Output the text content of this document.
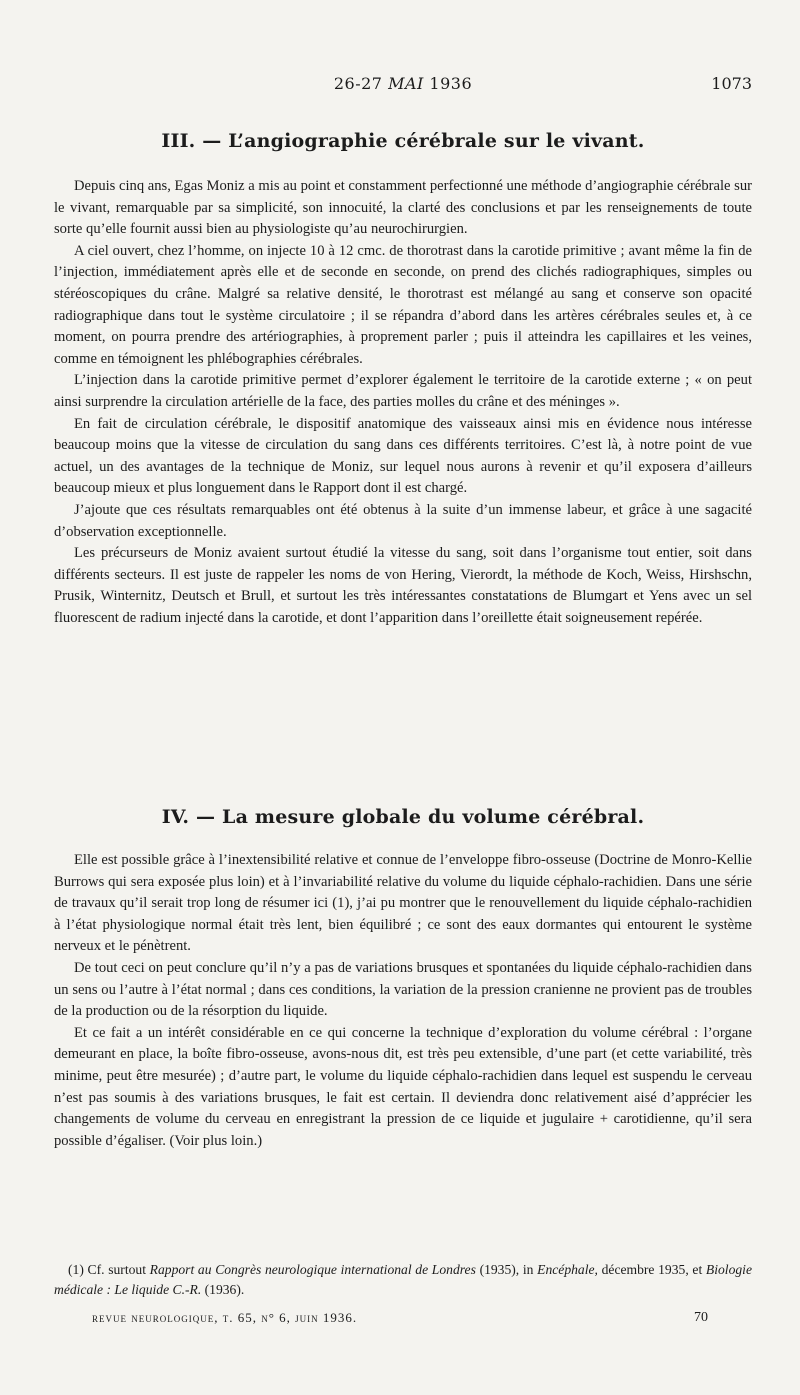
26-27 MAI 1936	1073
III. — L’angiographie cérébrale sur le vivant.

Depuis cinq ans, Egas Moniz a mis au point et constamment perfectionné une méthode d’angiographie cérébrale sur le vivant, remarquable par sa simplicité, son innocuité, la clarté des conclusions et par les renseignements de toute sorte qu’elle fournit aussi bien au physiologiste qu’au neurochirurgien.

A ciel ouvert, chez l’homme, on injecte 10 à 12 cmc. de thorotrast dans la carotide primitive ; avant même la fin de l’injection, immédiatement après elle et de seconde en seconde, on prend des clichés radiographiques, simples ou stéréoscopiques du crâne. Malgré sa relative densité, le thorotrast est mélangé au sang et conserve son opacité radiographique dans tout le système circulatoire ; il se répandra d’abord dans les artères cérébrales seules et, à ce moment, on pourra prendre des artériographies, à proprement parler ; puis il atteindra les capillaires et les veines, comme en témoignent les phlébographies cérébrales.

L’injection dans la carotide primitive permet d’explorer également le territoire de la carotide externe ; « on peut ainsi surprendre la circulation artérielle de la face, des parties molles du crâne et des méninges ».

En fait de circulation cérébrale, le dispositif anatomique des vaisseaux ainsi mis en évidence nous intéresse beaucoup moins que la vitesse de circulation du sang dans ces différents territoires. C’est là, à notre point de vue actuel, un des avantages de la technique de Moniz, sur lequel nous aurons à revenir et qu’il exposera d’ailleurs beaucoup mieux et plus longuement dans le Rapport dont il est chargé.

J’ajoute que ces résultats remarquables ont été obtenus à la suite d’un immense labeur, et grâce à une sagacité d’observation exceptionnelle.

Les précurseurs de Moniz avaient surtout étudié la vitesse du sang, soit dans l’organisme tout entier, soit dans différents secteurs. Il est juste de rappeler les noms de von Hering, Vierordt, la méthode de Koch, Weiss, Hirshschn, Prusik, Winternitz, Deutsch et Brull, et surtout les très intéressantes constatations de Blumgart et Yens avec un sel fluorescent de radium injecté dans la carotide, et dont l’apparition dans l’oreillette était soigneusement repérée.

IV. — La mesure globale du volume cérébral.

Elle est possible grâce à l’inextensibilité relative et connue de l’enveloppe fibro-osseuse (Doctrine de Monro-Kellie Burrows qui sera exposée plus loin) et à l’invariabilité relative du volume du liquide céphalo-rachidien. Dans une série de travaux qu’il serait trop long de résumer ici (1), j’ai pu montrer que le renouvellement du liquide céphalo-rachidien à l’état physiologique normal était très lent, bien équilibré ; ce sont des eaux dormantes qui entourent le système nerveux et le pénètrent.

De tout ceci on peut conclure qu’il n’y a pas de variations brusques et spontanées du liquide céphalo-rachidien dans un sens ou l’autre à l’état normal ; dans ces conditions, la variation de la pression cranienne ne provient pas de troubles de la production ou de la résorption du liquide.

Et ce fait a un intérêt considérable en ce qui concerne la technique d’exploration du volume cérébral : l’organe demeurant en place, la boîte fibro-osseuse, avons-nous dit, est très peu extensible, d’une part (et cette variabilité, très minime, peut être mesurée) ; d’autre part, le volume du liquide céphalo-rachidien dans lequel est suspendu le cerveau n’est pas soumis à des variations brusques, le fait est certain. Il deviendra donc relativement aisé d’apprécier les changements de volume du cerveau en enregistrant la pression de ce liquide et jugulaire + carotidienne, qu’il sera possible d’égaliser. (Voir plus loin.)

(1) Cf. surtout Rapport au Congrès neurologique international de Londres (1935), in Encéphale, décembre 1935, et Biologie médicale : Le liquide C.-R. (1936).

revue neurologique, t. 65, n° 6, juin 1936.	70
